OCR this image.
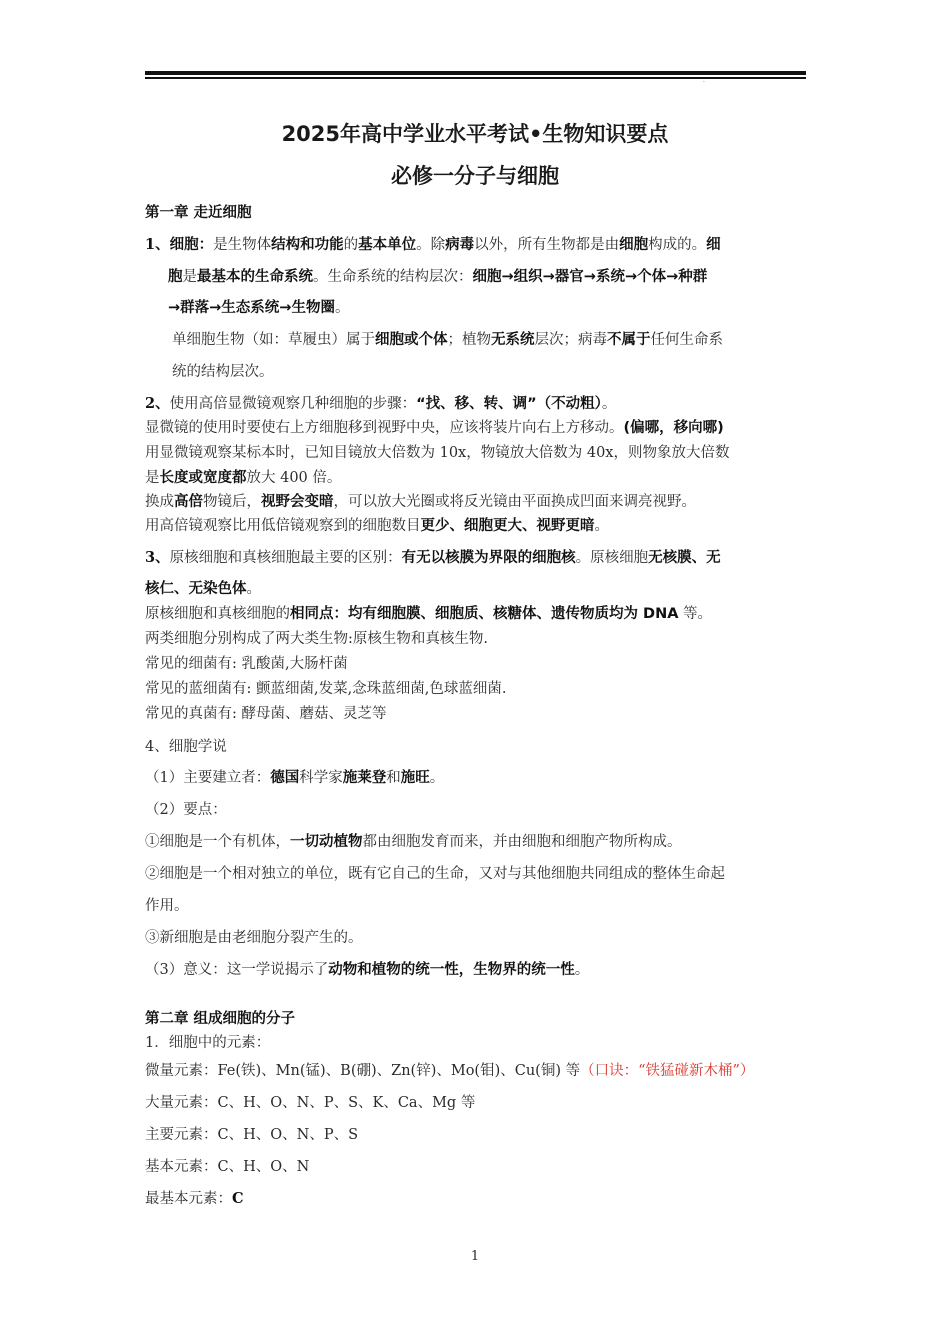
·
2025年高中学业水平考试•生物知识要点
必修一分子与细胞
第一章 走近细胞
1、细胞：是生物体结构和功能的基本单位。除病毒以外，所有生物都是由细胞构成的。细
胞是最基本的生命系统。生命系统的结构层次：细胞→组织→器官→系统→个体→种群
→群落→生态系统→生物圈。
单细胞生物（如：草履虫）属于细胞或个体；植物无系统层次；病毒不属于任何生命系
统的结构层次。
2、使用高倍显微镜观察几种细胞的步骤：“找、移、转、调”（不动粗）。
显微镜的使用时要使右上方细胞移到视野中央，应该将装片向右上方移动。(偏哪，移向哪)
用显微镜观察某标本时，已知目镜放大倍数为 10x，物镜放大倍数为 40x，则物象放大倍数
是长度或宽度都放大 400 倍。
换成高倍物镜后，视野会变暗，可以放大光圈或将反光镜由平面换成凹面来调亮视野。
用高倍镜观察比用低倍镜观察到的细胞数目更少、细胞更大、视野更暗。
3、原核细胞和真核细胞最主要的区别：有无以核膜为界限的细胞核。原核细胞无核膜、无
核仁、无染色体。
原核细胞和真核细胞的相同点：均有细胞膜、细胞质、核糖体、遗传物质均为 DNA 等。
两类细胞分别构成了两大类生物:原核生物和真核生物.
常见的细菌有: 乳酸菌,大肠杆菌
常见的蓝细菌有: 颤蓝细菌,发菜,念珠蓝细菌,色球蓝细菌.
常见的真菌有: 酵母菌、蘑菇、灵芝等
4、细胞学说
（1）主要建立者：德国科学家施莱登和施旺。
（2）要点：
①细胞是一个有机体，一切动植物都由细胞发育而来，并由细胞和细胞产物所构成。
②细胞是一个相对独立的单位，既有它自己的生命，又对与其他细胞共同组成的整体生命起
作用。
③新细胞是由老细胞分裂产生的。
（3）意义：这一学说揭示了动物和植物的统一性，生物界的统一性。
第二章 组成细胞的分子
1．细胞中的元素：
微量元素：Fe(铁)、Mn(锰)、B(硼)、Zn(锌)、Mo(钼)、Cu(铜) 等（口诀：“铁猛碰新木桶”）
大量元素：C、H、O、N、P、S、K、Ca、Mg 等
主要元素：C、H、O、N、P、S
基本元素：C、H、O、N
最基本元素：C
1
